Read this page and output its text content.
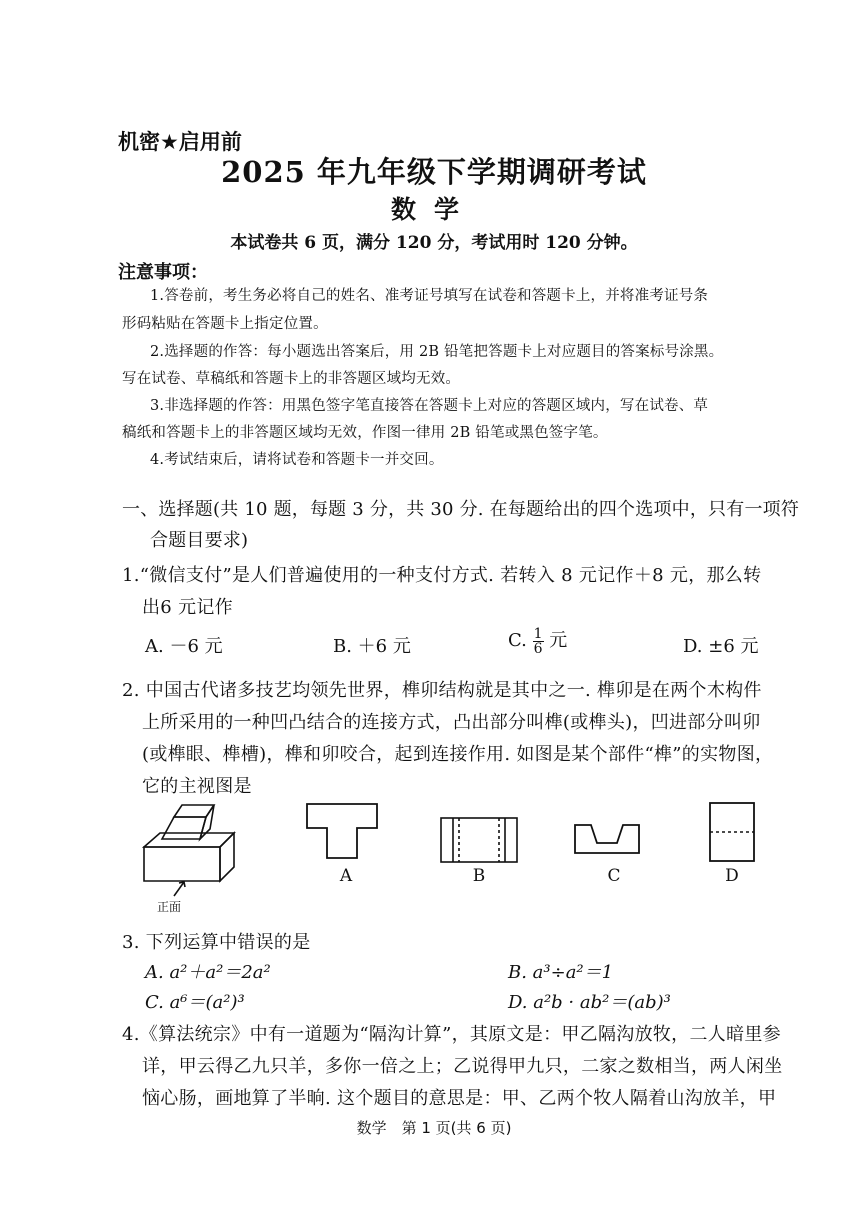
机密★启用前
2025 年九年级下学期调研考试
数学
本试卷共 6 页，满分 120 分，考试用时 120 分钟。
注意事项：
1.答卷前，考生务必将自己的姓名、准考证号填写在试卷和答题卡上，并将准考证号条
形码粘贴在答题卡上指定位置。
2.选择题的作答：每小题选出答案后，用 2B 铅笔把答题卡上对应题目的答案标号涂黑。
写在试卷、草稿纸和答题卡上的非答题区域均无效。
3.非选择题的作答：用黑色签字笔直接答在答题卡上对应的答题区域内，写在试卷、草
稿纸和答题卡上的非答题区域均无效，作图一律用 2B 铅笔或黑色签字笔。
4.考试结束后，请将试卷和答题卡一并交回。
一、选择题(共 10 题，每题 3 分，共 30 分. 在每题给出的四个选项中，只有一项符
合题目要求)
1.“微信支付”是人们普遍使用的一种支付方式. 若转入 8 元记作＋8 元，那么转
出6 元记作
A. －6 元	B. ＋6 元	C. $\frac{1}{6}$ 元	D. ±6 元
2. 中国古代诸多技艺均领先世界，榫卯结构就是其中之一. 榫卯是在两个木构件
上所采用的一种凹凸结合的连接方式，凸出部分叫榫(或榫头)，凹进部分叫卯
(或榫眼、榫槽)，榫和卯咬合，起到连接作用. 如图是某个部件“榫”的实物图，
它的主视图是
正面
A	B	C	D
3. 下列运算中错误的是
A. a²＋a²＝2a²	B. a³÷a²＝1
C. a⁶＝(a²)³	D. a²b · ab²＝(ab)³
4.《算法统宗》中有一道题为“隔沟计算”，其原文是：甲乙隔沟放牧，二人暗里参
详，甲云得乙九只羊，多你一倍之上；乙说得甲九只，二家之数相当，两人闲坐
恼心肠，画地算了半晌. 这个题目的意思是：甲、乙两个牧人隔着山沟放羊，甲
数学　第 1 页(共 6 页)
